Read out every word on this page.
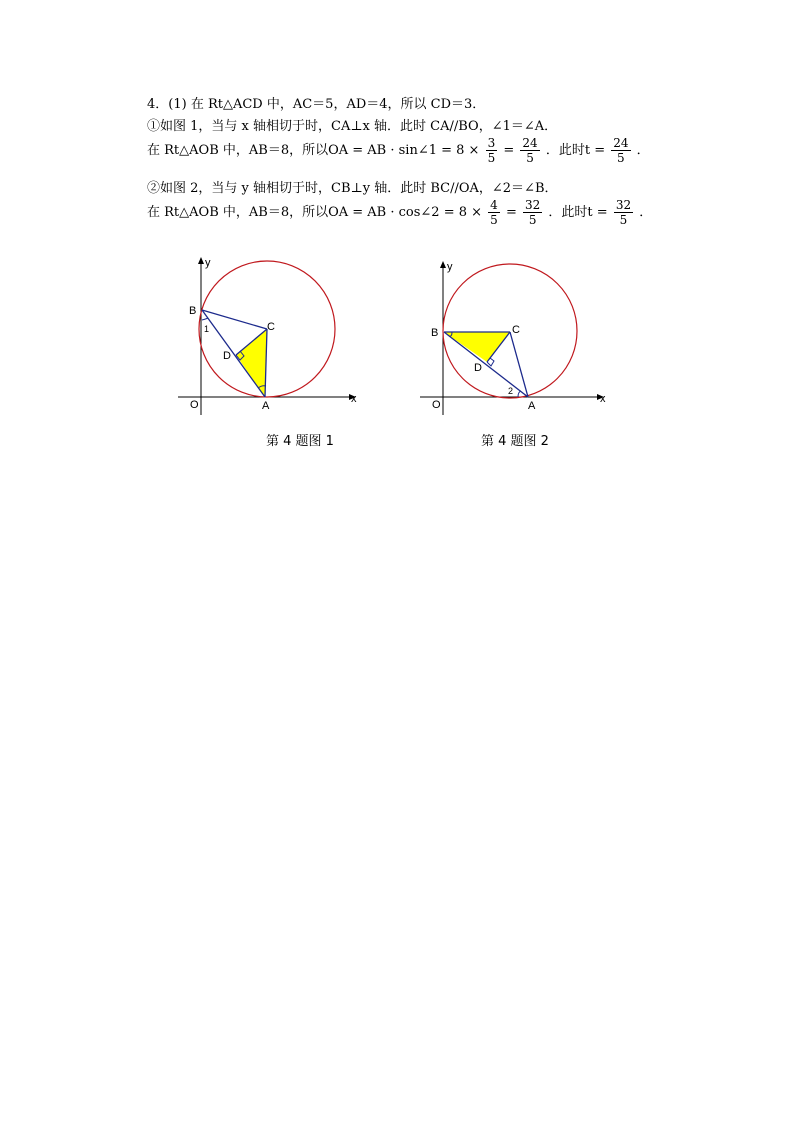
4．(1) 在 Rt△ACD 中，AC＝5，AD＝4，所以 CD＝3．
①如图 1，当与 x 轴相切于时，CA⊥x 轴．此时 CA//BO，∠1＝∠A．
在 Rt△AOB 中，AB＝8，所以OA = AB · sin∠1 = $8 \times \frac{3}{5} = \frac{24}{5}$ ．此时$t = \frac{24}{5}$ ．
②如图 2，当与 y 轴相切于时，CB⊥y 轴．此时 BC//OA，∠2＝∠B．
在 Rt△AOB 中，AB＝8，所以OA = AB · cos∠2 = $8 \times \frac{4}{5} = \frac{32}{5}$ ．此时$t = \frac{32}{5}$ ．
y
x
O	A
B
C
D
1
第 4 题图 1
y
x
O	A
B	C
D
2
第 4 题图 2
